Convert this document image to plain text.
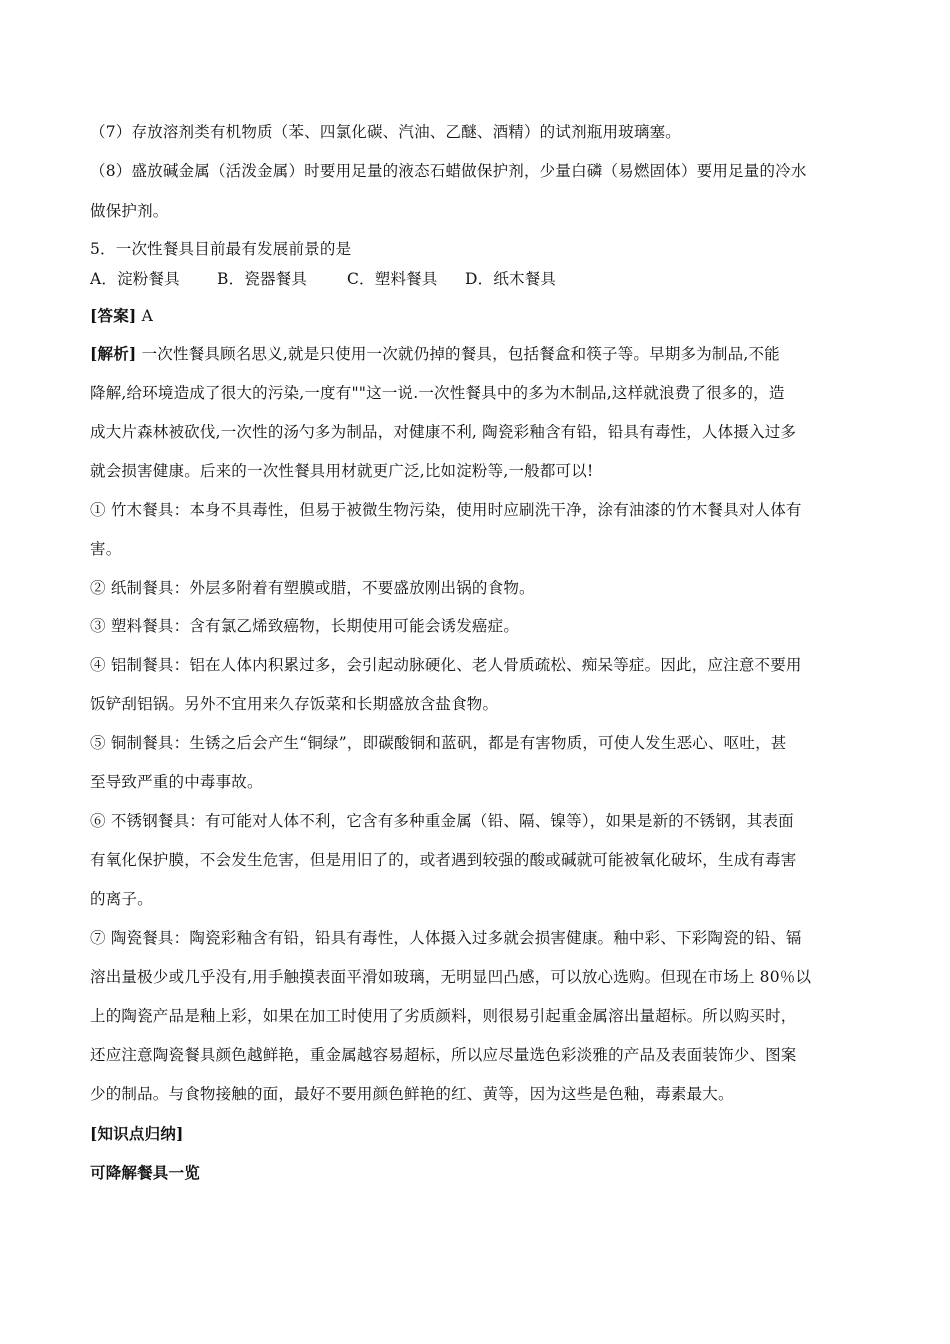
（7）存放溶剂类有机物质（苯、四氯化碳、汽油、乙醚、酒精）的试剂瓶用玻璃塞。
（8）盛放碱金属（活泼金属）时要用足量的液态石蜡做保护剂，少量白磷（易燃固体）要用足量的冷水
做保护剂。
5．一次性餐具目前最有发展前景的是
A．淀粉餐具 B．瓷器餐具	C．塑料餐具 D．纸木餐具
[答案] A
[解析] 一次性餐具顾名思义,就是只使用一次就仍掉的餐具，包括餐盒和筷子等。早期多为制品,不能
降解,给环境造成了很大的污染,一度有""这一说.一次性餐具中的多为木制品,这样就浪费了很多的，造
成大片森林被砍伐,一次性的汤勺多为制品，对健康不利, 陶瓷彩釉含有铅，铅具有毒性，人体摄入过多
就会损害健康。后来的一次性餐具用材就更广泛,比如淀粉等,一般都可以!
① 竹木餐具：本身不具毒性，但易于被微生物污染，使用时应刷洗干净，涂有油漆的竹木餐具对人体有
害。
② 纸制餐具：外层多附着有塑膜或腊，不要盛放刚出锅的食物。
③ 塑料餐具：含有氯乙烯致癌物，长期使用可能会诱发癌症。
④ 铝制餐具：铝在人体内积累过多，会引起动脉硬化、老人骨质疏松、痴呆等症。因此，应注意不要用
饭铲刮铝锅。另外不宜用来久存饭菜和长期盛放含盐食物。
⑤ 铜制餐具：生锈之后会产生“铜绿”，即碳酸铜和蓝矾，都是有害物质，可使人发生恶心、呕吐，甚
至导致严重的中毒事故。
⑥ 不锈钢餐具：有可能对人体不利，它含有多种重金属（铅、隔、镍等），如果是新的不锈钢，其表面
有氧化保护膜，不会发生危害，但是用旧了的，或者遇到较强的酸或碱就可能被氧化破坏，生成有毒害
的离子。
⑦ 陶瓷餐具：陶瓷彩釉含有铅，铅具有毒性，人体摄入过多就会损害健康。釉中彩、下彩陶瓷的铅、镉
溶出量极少或几乎没有,用手触摸表面平滑如玻璃，无明显凹凸感，可以放心选购。但现在市场上 80％以
上的陶瓷产品是釉上彩，如果在加工时使用了劣质颜料，则很易引起重金属溶出量超标。所以购买时，
还应注意陶瓷餐具颜色越鲜艳，重金属越容易超标，所以应尽量选色彩淡雅的产品及表面装饰少、图案
少的制品。与食物接触的面，最好不要用颜色鲜艳的红、黄等，因为这些是色釉，毒素最大。
[知识点归纳]
可降解餐具一览
